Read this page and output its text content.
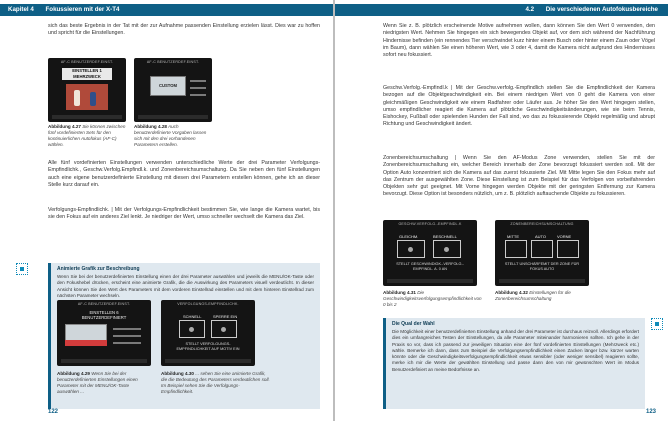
Kapitel 4 Fokussieren mit der X-T4
sich das beste Ergebnis in der Tat mit der zur Aufnahme passenden Einstellung erzielen lässt. Dies war zu hoffen und spricht für die Einstellungen.
AF-C BENUTZERDEF.EINST.
EINSTELLEN 1
MEHRZWECK
Abbildung 4.27 Sie können zwischen fünf vordefinierten Sets für den kontinuierlichen Autofokus (AF-C) wählen.
AF-C BENUTZERDEF.EINST.
CUSTOM
Abbildung 4.28 Auch benutzerdefinierte Vorgaben lassen sich mit den drei vorhandenen Parametern erstellen.
Alle fünf vordefinierten Einstellungen verwenden unterschiedliche Werte der drei Parameter Verfolgungs-Empfindlichk., Geschw.Verfolg.Empfindl.k. und Zonenbereichsumschaltung. Da Sie neben den fünf Einstellungen auch eine eigene benutzerdefinierte Einstellung mit diesen drei Parametern erstellen können, gehe ich an dieser Stelle kurz darauf ein.
Verfolgungs-Empfindlichk. | Mit der Verfolgungs-Empfindlichkeit bestimmen Sie, wie lange die Kamera wartet, bis sie den Fokus auf ein anderes Ziel lenkt. Je niedriger der Wert, umso schneller wechselt die Kamera das Ziel.
Animierte Grafik zur Beschreibung
Wenn Sie bei der benutzerdefinierten Einstellung einen der drei Parameter auswählen und jeweils die MENU/OK-Taste oder den Fokushebel drücken, erscheint eine animierte Grafik, die die Auswirkung des Parameters visuell verdeutlicht. In dieser Ansicht können Sie den Wert des Parameters mit dem vorderen Einstellrad einstellen und mit dem hinteren Einstellrad zum nächsten Parameter wechseln.
AF-C BENUTZERDEF.EINST.
EINSTELLEN 6
BENUTZERDEFINIERT
Abbildung 4.29 Wenn Sie bei der benutzerdefinierten Einstellungen einen Parameter mit der MENU/OK-Taste auswählen ...
VERFOLGUNGS-EMPFINDLICHK.
SCHNELL	SPERRE EIN
STELLT VERFOLGUNGS-EMPFINDLICHKEIT AUF MOTIV EIN
Abbildung 4.30 ... sehen Sie eine animierte Grafik, die die Bedeutung des Parameters verdeutlichen soll. Im Beispiel sehen Sie die Verfolgungs-Empfindlichkeit.
122
4.2 Die verschiedenen Autofokusbereiche
Wenn Sie z. B. plötzlich erscheinende Motive aufnehmen wollen, dann können Sie den Wert 0 verwenden, den niedrigsten Wert. Nehmen Sie hingegen ein sich bewegendes Objekt auf, vor dem sich während der Nachführung Hindernisse befinden (ein rennendes Tier verschwindet kurz hinter einem Busch oder hinter einem Zaun oder Vögel im Baum), dann wählen Sie einen höheren Wert, wie 3 oder 4, damit die Kamera nicht aufgrund des Hindernisses sofort neu fokussiert.
Geschw.Verfolg.-Empfindl.k | Mit der Geschw.verfolg.-Empfindlich stellen Sie die Empfindlichkeit der Kamera bezogen auf die Objektgeschwindigkeit ein. Bei einem niedrigen Wert von 0 geht die Kamera von einer gleichmäßigen Geschwindigkeit wie einem Radfahrer oder Läufer aus. Je höher Sie den Wert hingegen stellen, umso empfindlicher reagiert die Kamera auf plötzliche Geschwindigkeitsänderungen, wie sie beim Tennis, Eishockey, Fußball oder spielenden Hunden der Fall sind, wo das zu fokussierende Objekt regelmäßig und abrupt Richtung und Geschwindigkeit ändert.
Zonenbereichsumschaltung | Wenn Sie den AF-Modus Zone verwenden, stellen Sie mit der Zonenbereichsumschaltung ein, welcher Bereich innerhalb der Zone bevorzugt fokussiert werden soll. Mit der Option Auto konzentriert sich die Kamera auf das zuerst fokussierte Ziel. Mit Mitte legen Sie den Fokus mehr auf das Zentrum der ausgewählten Zone. Diese Einstellung ist zum Beispiel für das Verfolgen von vorbeifahrenden Objekten sehr gut geeignet. Mit Vorne hingegen werden Objekte mit der geringsten Entfernung zur Kamera bevorzugt. Diese Option ist besonders nützlich, um z. B. plötzlich auftauchende Objekte zu fokussieren.
GESCHW.VERFOLG.-EMPFINDL.K
GLEICHM.	BESCHNELL
STELLT GESCHWINDIGK.-VERFOLG.-EMPFINDL. A. 0 AN
Abbildung 4.31 Die Geschwindigkeitsverfolgungsempfindlichkeit von 0 bis 2
ZONENBEREICHSUMSCHALTUNG
MITTE	AUTO	VORNE
STELLT UNSCHÄRFEMIT DER ZONE FÜR FOKUS AUTO
Abbildung 4.32 Einstellungen für die Zonenbereichsumschaltung
Die Qual der Wahl
Die Möglichkeit einer benutzerdefinierten Einstellung anhand der drei Parameter ist durchaus reizvoll. Allerdings erfordert dies ein umfangreiches Testen der Einstellungen, da alle Parameter miteinander harmonieren sollten. Ich gehe in der Praxis so vor, dass ich passend zur jeweiligen Situation eine der fünf vordefinierten Einstellungen (Mehrzweck etc.) wähle. Bemerke ich dann, dass zum Beispiel die Verfolgungsempfindlichkeit einen Zacken länger bzw. kürzer warten könnte oder die Geschwindigkeitsverfolgungsempfindlichkeit etwas sensibler (oder weniger sensibel) reagieren sollte, merke ich mir die Werte der gewählten Einstellung und passe dann den von mir gewünschten Wert im Modus Benutzerdefiniert an meine Bedürfnisse an.
123
